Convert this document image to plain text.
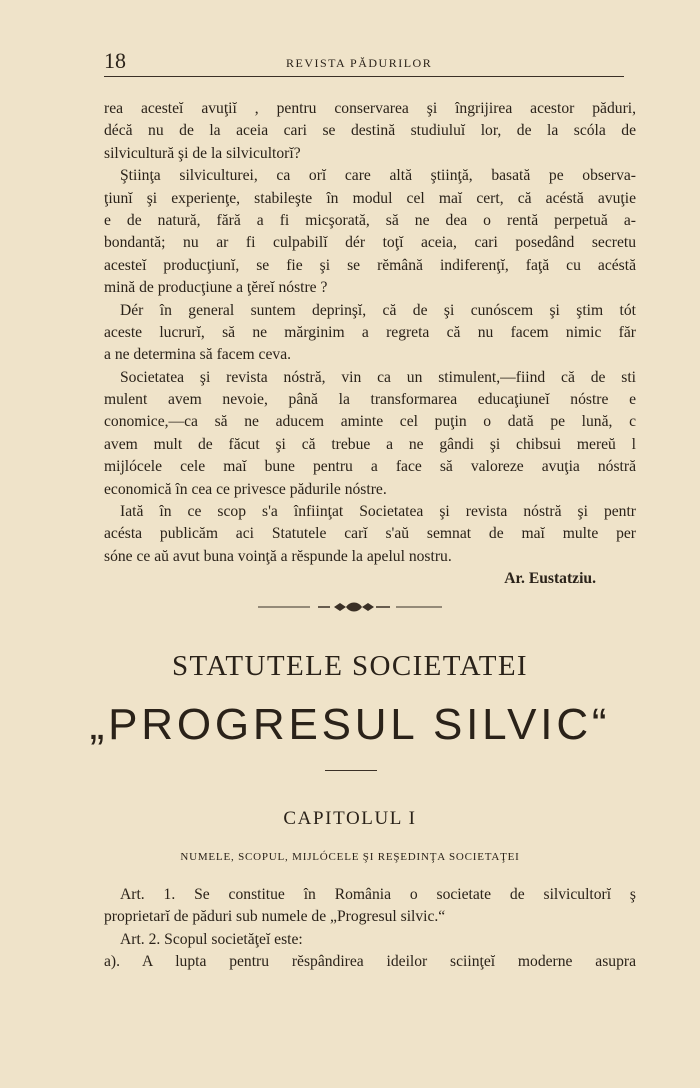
18	REVISTA PĂDURILOR
rea acesteĭ avuţiĭ , pentru conservarea şi îngrijirea acestor păduri,
décă nu de la aceia cari se destină studiuluĭ lor, de la scóla de
silvicultură şi de la silvicultorĭ?
Ştiinţa silviculturei, ca orĭ care altă ştiinţă, basată pe observa-
ţiunĭ şi experienţe, stabileşte în modul cel maĭ cert, că acéstă avuţie
e de natură, fără a fi micşorată, să ne dea o rentă perpetuă a-
bondantă; nu ar fi culpabilĭ dér toţĭ aceia, cari posedând secretu
acesteĭ producţiunĭ, se fie şi se rĕmână indiferenţĭ, faţă cu acéstă
mină de producţiune a ţĕreĭ nóstre ?
Dér în general suntem deprinşĭ, că de şi cunóscem şi ştim tót
aceste lucrurĭ, să ne mărginim a regreta că nu facem nimic făr
a ne determina să facem ceva.
Societatea şi revista nóstră, vin ca un stimulent,—fiind că de sti
mulent avem nevoie, până la transformarea educaţiuneĭ nóstre e
conomice,—ca să ne aducem aminte cel puţin o dată pe lună, c
avem mult de făcut şi că trebue a ne gândi şi chibsui mereŭ l
mijlócele cele maĭ bune pentru a face să valoreze avuţia nóstră
economică în cea ce privesce pădurile nóstre.
Iată în ce scop s'a înfiinţat Societatea şi revista nóstră şi pentr
acésta publicăm aci Statutele carĭ s'aŭ semnat de maĭ multe per
sóne ce aŭ avut buna voinţă a rĕspunde la apelul nostru.
Ar. Eustatziu.
STATUTELE SOCIETATEI
„PROGRESUL SILVIC“
CAPITOLUL I
NUMELE, SCOPUL, MIJLÓCELE ŞI REŞEDINŢA SOCIETAŢEI
Art. 1. Se constitue în România o societate de silvicultorĭ ş
proprietarĭ de păduri sub numele de „Progresul silvic.“
Art. 2. Scopul societăţeĭ este:
a). A lupta pentru rĕspândirea ideilor sciinţeĭ moderne asupra
